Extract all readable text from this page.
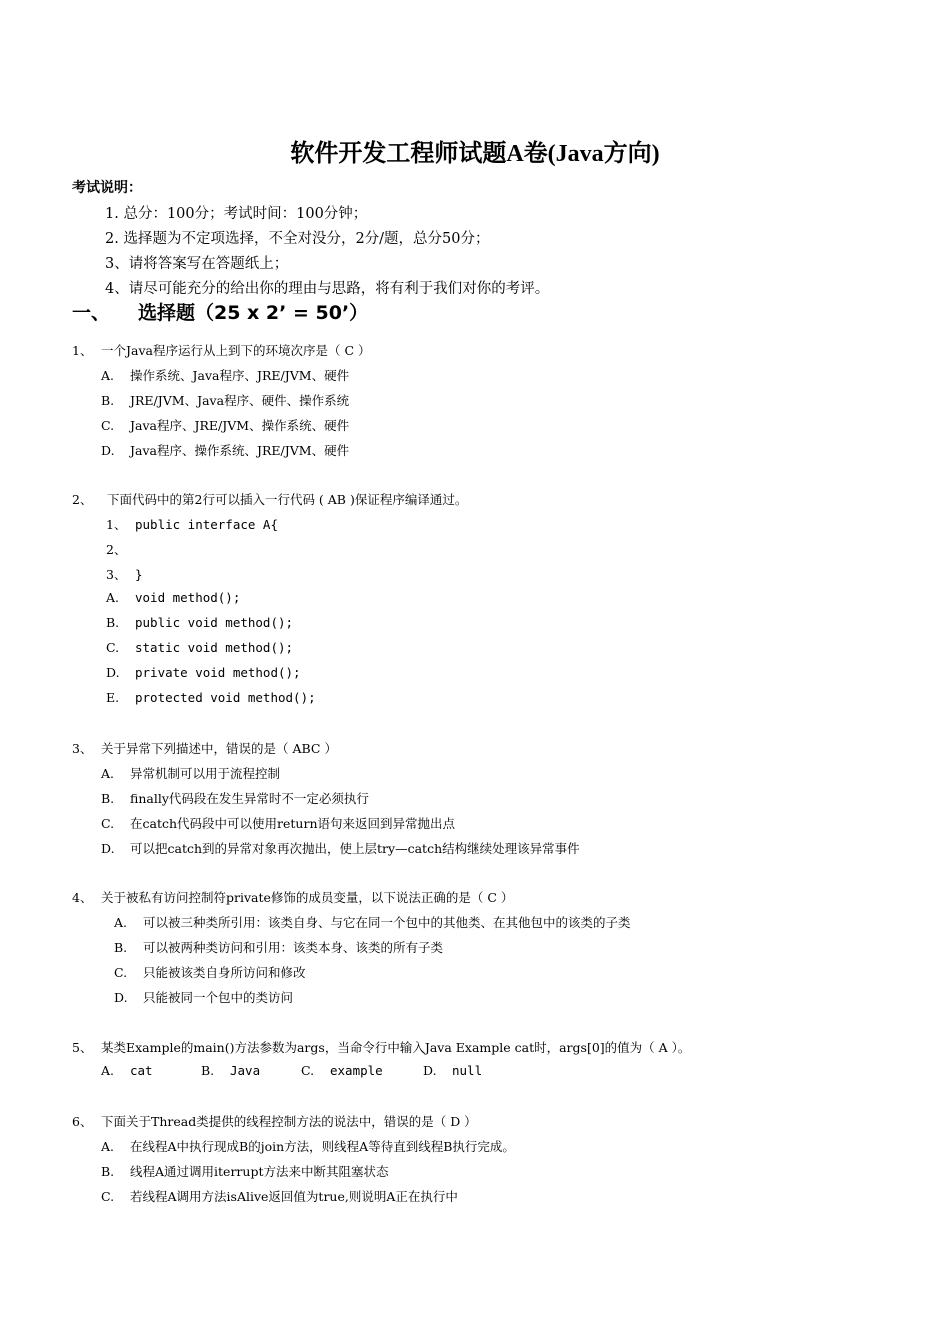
软件开发工程师试题A卷(Java方向)
考试说明：
1. 总分：100分；考试时间：100分钟；
2. 选择题为不定项选择，不全对没分，2分/题，总分50分；
3、请将答案写在答题纸上；
4、请尽可能充分的给出你的理由与思路，将有利于我们对你的考评。
一、 选择题（25 x 2’ = 50’）
1、 一个Java程序运行从上到下的环境次序是（ C ）
A. 操作系统、Java程序、JRE/JVM、硬件
B. JRE/JVM、Java程序、硬件、操作系统
C. Java程序、JRE/JVM、操作系统、硬件
D. Java程序、操作系统、JRE/JVM、硬件
2、 下面代码中的第2行可以插入一行代码 ( AB )保证程序编译通过。
1、 public interface A{
2、
3、 }
A. void method();
B. public void method();
C. static void method();
D. private void method();
E. protected void method();
3、 关于异常下列描述中，错误的是（ ABC ）
A. 异常机制可以用于流程控制
B. finally代码段在发生异常时不一定必须执行
C. 在catch代码段中可以使用return语句来返回到异常抛出点
D. 可以把catch到的异常对象再次抛出，使上层try—catch结构继续处理该异常事件
4、 关于被私有访问控制符private修饰的成员变量，以下说法正确的是（ C ）
A. 可以被三种类所引用：该类自身、与它在同一个包中的其他类、在其他包中的该类的子类
B. 可以被两种类访问和引用：该类本身、该类的所有子类
C. 只能被该类自身所访问和修改
D. 只能被同一个包中的类访问
5、 某类Example的main()方法参数为args，当命令行中输入Java Example cat时，args[0]的值为（ A ）。
A. cat	B. Java	C. example	D. null
6、 下面关于Thread类提供的线程控制方法的说法中，错误的是（ D ）
A. 在线程A中执行现成B的join方法，则线程A等待直到线程B执行完成。
B. 线程A通过调用iterrupt方法来中断其阻塞状态
C. 若线程A调用方法isAlive返回值为true,则说明A正在执行中
